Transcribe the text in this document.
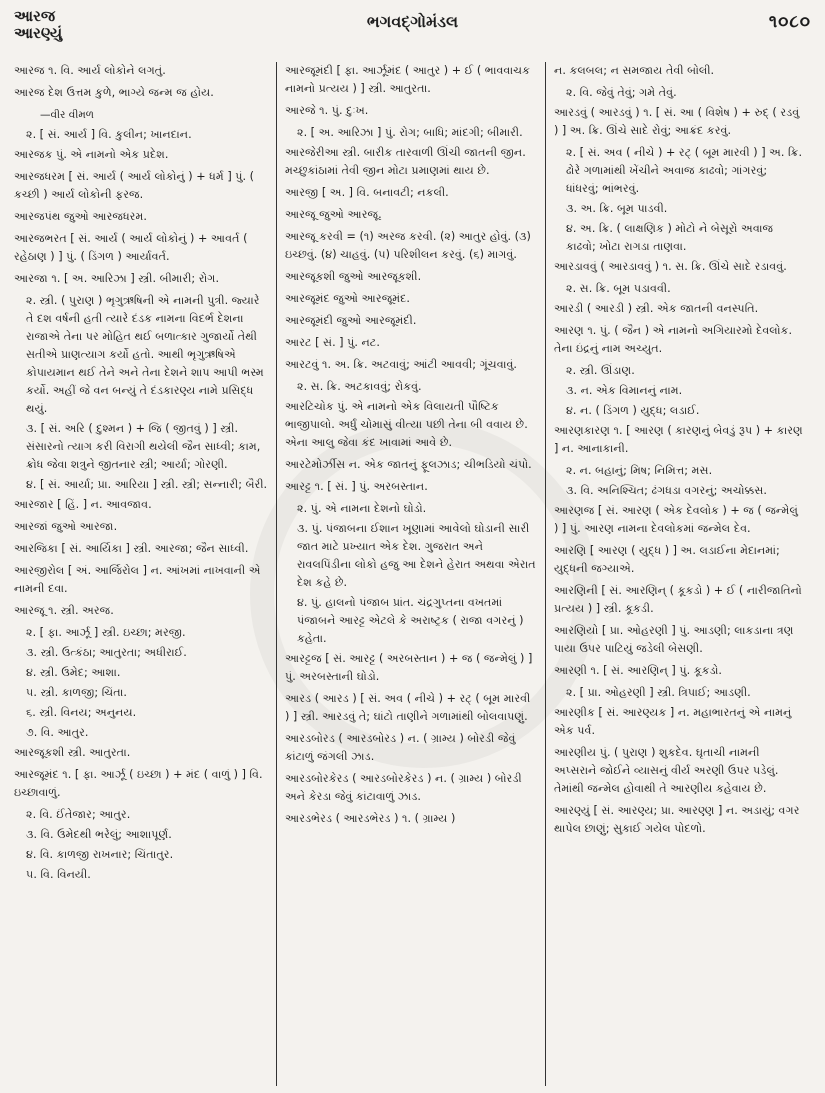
આરજ
આરણ્યું
ભગવદ્ગોમંડલ	૧૦૮૦
આરજ ૧. વિ. આર્ય લોકોને લગતું.
આરજ દેશ ઉત્તમ કુળે, ભાગ્યે જન્મ જ હોય.
—વીર વીમળ
૨. [ સં. આર્ય ] વિ. કુલીન; ખાનદાન.
આરજક પું. એ નામનો એક પ્રદેશ.
આરજધરમ [ સં. આર્ય ( આર્ય લોકોનું ) + ધર્મ ] પું. ( કચ્છી ) આર્ય લોકોની ફરજ.
આરજપંથ જુઓ આરજધરમ.
આરજભરત [ સં. આર્ય ( આર્ય લોકોનું ) + આવર્ત ( રહેઠાણ ) ] પું. ( ડિંગળ ) આર્યાવર્ત.
આરજા ૧. [ અ. આરિઝા ] સ્ત્રી. બીમારી; રોગ.
૨. સ્ત્રી. ( પુરાણ ) ભૃગુઋષિની એ નામની પુત્રી. જ્યારે તે દશ વર્ષની હતી ત્યારે દંડક નામના વિદર્ભ દેશના રાજાએ તેના પર મોહિત થઈ બળાત્કાર ગુજાર્યો તેથી સતીએ પ્રાણત્યાગ કર્યો હતો. આથી ભૃગુઋષિએ કોપાયમાન થઈ તેને અને તેના દેશને શાપ આપી ભસ્મ કર્યો. અહીં જે વન બન્યું તે દંડકારણ્ય નામે પ્રસિદ્ધ થયું.
૩. [ સં. અરિ ( દુશ્મન ) + જિ ( જીતવું ) ] સ્ત્રી. સંસારનો ત્યાગ કરી વિરાગી થયેલી જૈન સાધ્વી; કામ, ક્રોધ જેવા શત્રુને જીતનાર સ્ત્રી; આર્યા; ગોરણી.
૪. [ સં. આર્યા; પ્રા. આરિયા ] સ્ત્રી. સ્ત્રી; સન્નારી; બૈરી.
આરજાર [ હિં. ] ન. આવજાવ.
આરજાં જુઓ આરજા.
આરજિકા [ સં. આર્યિકા ] સ્ત્રી. આરજા; જૈન સાધ્વી.
આરજીરોલ [ અં. આર્જિરોલ ] ન. આંખમાં નાખવાની એ નામની દવા.
આરજૂ ૧. સ્ત્રી. અરજ.
૨. [ ફા. આર્ઝૂ ] સ્ત્રી. ઇચ્છા; મરજી.
૩. સ્ત્રી. ઉત્કંઠા; આતુરતા; અધીરાઈ.
૪. સ્ત્રી. ઉમેદ; આશા.
૫. સ્ત્રી. કાળજી; ચિંતા.
૬. સ્ત્રી. વિનય; અનુનય.
૭. વિ. આતુર.
આરજૂકશી સ્ત્રી. આતુરતા.
આરજૂમંદ ૧. [ ફા. આર્ઝૂ ( ઇચ્છા ) + મંદ ( વાળું ) ] વિ. ઇચ્છાવાળું.
૨. વિ. ઈંતેજાર; આતુર.
૩. વિ. ઉમેદથી ભરેલું; આશાપૂર્ણ.
૪. વિ. કાળજી રાખનાર; ચિંતાતુર.
૫. વિ. વિનયી.
આરજૂમંદી [ ફા. આર્ઝૂમંદ ( આતુર ) + ઈ ( ભાવવાચક નામનો પ્રત્યય ) ] સ્ત્રી. આતુરતા.
આરજે ૧. પું. દુઃખ.
૨. [ અ. આરિઝા ] પું. રોગ; બાધિ; માંદગી; બીમારી.
આરજેરીઆ સ્ત્રી. બારીક તારવાળી ઊંચી જાતની જીન. મચ્છુકાંઠામાં તેવી જીન મોટા પ્રમાણમાં થાય છે.
આરજી [ અ. ] વિ. બનાવટી; નકલી.
આરજૂ જુઓ આરજૂ.
આરજૂ કરવી = (૧) અરજ કરવી. (૨) આતુર હોવું. (૩) ઇચ્છવું. (૪) ચાહવું. (૫) પરિશીલન કરવું. (૬) માગવું.
આરજૂકશી જુઓ આરજૂકશી.
આરજૂમંદ જુઓ આરજૂમંદ.
આરજૂમંદી જુઓ આરજૂમંદી.
આરટ [ સં. ] પું. નટ.
આરટવું ૧. અ. ક્રિ. અટવાવું; આંટી આવવી; ગૂંચવાવું.
૨. સ. ક્રિ. અટકાવવું; રોકવું.
આરટિચોક પું. એ નામનો એક વિલાયતી પૌષ્ટિક ભાજીપાલો. અર્ધું ચોમાસું વીત્યા પછી તેના બી વવાય છે. એના આલુ જેવા કંદ ખાવામાં આવે છે.
આરટેમોર્ઝીસ ન. એક જાતનું ફૂલઝાડ; ચીભડિયો ચંપો.
આરટ્ટ ૧. [ સં. ] પું. અરબસ્તાન.
૨. પું. એ નામના દેશનો ઘોડો.
૩. પું. પંજાબના ઈશાન ખૂણામાં આવેલો ઘોડાની સારી જાત માટે પ્રખ્યાત એક દેશ. ગુજરાત અને રાવલપિંડીના લોકો હજુ આ દેશને હેરાત અથવા એરાત દેશ કહે છે.
૪. પું. હાલનો પંજાબ પ્રાંત. ચંદ્રગુપ્તના વખતમાં પંજાબને આરટ્ટ એટલે કે અરાષ્ટ્રક ( રાજા વગરનું ) કહેતા.
આરટ્ટજ [ સં. આરટ્ટ ( અરબસ્તાન ) + જ ( જન્મેલું ) ] પું. અરબસ્તાની ઘોડો.
આરડ ( આરડ ) [ સં. અવ ( નીચે ) + રટ્ ( બૂમ મારવી ) ] સ્ત્રી. આરડવું તે; ઘાંટો તાણીને ગળામાંથી બોલવાપણું.
આરડબોરડ ( આરડબોરડ ) ન. ( ગ્રામ્ય ) બોરડી જેવું કાંટાળું જંગલી ઝાડ.
આરડબોરકેરડ ( આરડબોરકેરડ ) ન. ( ગ્રામ્ય ) બોરડી અને કેરડા જેવું કાંટાવાળું ઝાડ.
આરડભેરડ ( આરડભેરડ ) ૧. ( ગ્રામ્ય )
ન. કલબલ; ન સમજાય તેવી બોલી.
૨. વિ. જેવું તેવું; ગમે તેવું.
આરડવું ( આરડવું ) ૧. [ સં. આ ( વિશેષ ) + રુદ્ ( રડવું ) ] અ. ક્રિ. ઊંચે સાદે રોવું; આક્રંદ કરવું.
૨. [ સં. અવ ( નીચે ) + રટ્ ( બૂમ મારવી ) ] અ. ક્રિ. ઢોરે ગળામાંથી ખેંચીને અવાજ કાઢવો; ગાંગરવું; ધાંધરવું; ભાંભરવું.
૩. અ. ક્રિ. બૂમ પાડવી.
૪. અ. ક્રિ. ( લાક્ષણિક ) મોટો ને બેસૂરો અવાજ કાઢવો; ખોટા રાગડા તાણવા.
આરડાવવું ( આરડાવવું ) ૧. સ. ક્રિ. ઊંચે સાદે રડાવવું.
૨. સ. ક્રિ. બૂમ પડાવવી.
આરડી ( આરડી ) સ્ત્રી. એક જાતની વનસ્પતિ.
આરણ ૧. પું. ( જૈન ) એ નામનો અગિયારમો દેવલોક. તેના ઇંદ્રનું નામ અચ્યુત.
૨. સ્ત્રી. ઊંડાણ.
૩. ન. એક વિમાનનું નામ.
૪. ન. ( ડિંગળ ) યુદ્ધ; લડાઈ.
આરણકારણ ૧. [ આરણ ( કારણનું બેવડું રૂપ ) + કારણ ] ન. આનાકાની.
૨. ન. બહાનું; મિષ; નિમિત્ત; મસ.
૩. વિ. અનિશ્ચિત; ઢંગધડા વગરનું; અચોક્કસ.
આરણજ [ સં. આરણ ( એક દેવલોક ) + જ ( જન્મેલું ) ] પું. આરણ નામના દેવલોકમાં જન્મેલ દેવ.
આરણિ [ આરણ ( યુદ્ધ ) ] અ. લડાઈના મેદાનમાં; યુદ્ધની જગ્યાએ.
આરણિની [ સં. આરણિન્ ( કૂકડો ) + ઈ ( નારીજાતિનો પ્રત્યય ) ] સ્ત્રી. કૂકડી.
આરણિયો [ પ્રા. ઓહરણી ] પું. આડણી; લાકડાના ત્રણ પાયા ઉપર પાટિયું જડેલી બેસણી.
આરણી ૧. [ સં. આરણિન્ ] પું. કૂકડો.
૨. [ પ્રા. ઓહરણી ] સ્ત્રી. ત્રિપાઈ; આડણી.
આરણીક [ સં. આરણ્યક ] ન. મહાભારતનું એ નામનું એક પર્વ.
આરણીય પું. ( પુરાણ ) શુકદેવ. ઘૃતાચી નામની અપ્સરાને જોઈને વ્યાસનું વીર્ય અરણી ઉપર પડેલું. તેમાંથી જન્મેલ હોવાથી તે આરણીય કહેવાય છે.
આરણ્યું [ સં. આરણ્ય; પ્રા. આરણ્ણ ] ન. અડાયું; વગર થાપેલ છાણું; સુકાઈ ગયેલ પોદળો.
